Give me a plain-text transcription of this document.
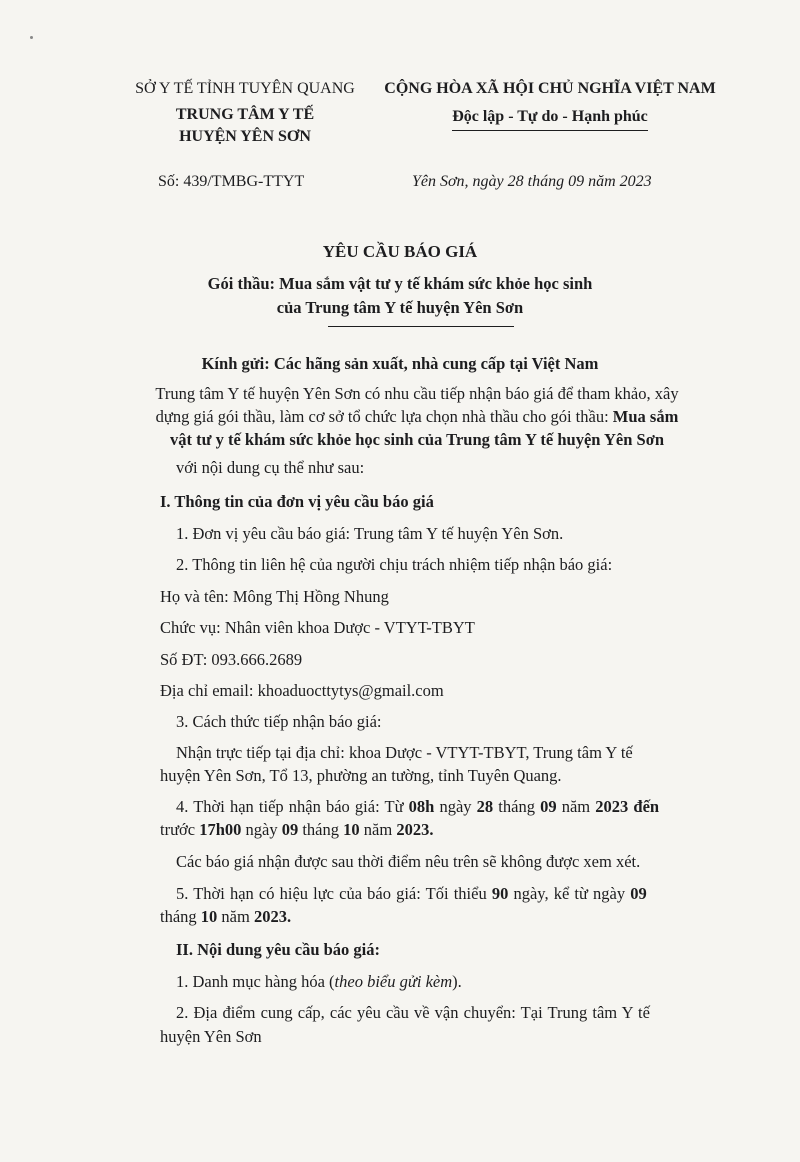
SỞ Y TẾ TỈNH TUYÊN QUANG
TRUNG TÂM Y TẾ
HUYỆN YÊN SƠN
CỘNG HÒA XÃ HỘI CHỦ NGHĨA VIỆT NAM
Độc lập - Tự do - Hạnh phúc
Số: 439/TMBG-TTYT	Yên Sơn, ngày 28 tháng 09 năm 2023
YÊU CẦU BÁO GIÁ
Gói thầu: Mua sắm vật tư y tế khám sức khỏe học sinh
của Trung tâm Y tế huyện Yên Sơn
Kính gửi: Các hãng sản xuất, nhà cung cấp tại Việt Nam
Trung tâm Y tế huyện Yên Sơn có nhu cầu tiếp nhận báo giá để tham khảo, xây
dựng giá gói thầu, làm cơ sở tổ chức lựa chọn nhà thầu cho gói thầu: Mua sắm
vật tư y tế khám sức khỏe học sinh của Trung tâm Y tế huyện Yên Sơn
với nội dung cụ thể như sau:
I. Thông tin của đơn vị yêu cầu báo giá
1. Đơn vị yêu cầu báo giá: Trung tâm Y tế huyện Yên Sơn.
2. Thông tin liên hệ của người chịu trách nhiệm tiếp nhận báo giá:
Họ và tên: Mông Thị Hồng Nhung
Chức vụ: Nhân viên khoa Dược - VTYT-TBYT
Số ĐT: 093.666.2689
Địa chỉ email: khoaduocttytys@gmail.com
3. Cách thức tiếp nhận báo giá:
Nhận trực tiếp tại địa chỉ: khoa Dược - VTYT-TBYT, Trung tâm Y tế
huyện Yên Sơn, Tổ 13, phường an tường, tỉnh Tuyên Quang.
4. Thời hạn tiếp nhận báo giá: Từ 08h ngày 28 tháng 09 năm 2023 đến
trước 17h00 ngày 09 tháng 10 năm 2023.
Các báo giá nhận được sau thời điểm nêu trên sẽ không được xem xét.
5. Thời hạn có hiệu lực của báo giá: Tối thiểu 90 ngày, kể từ ngày 09
tháng 10 năm 2023.
II. Nội dung yêu cầu báo giá:
1. Danh mục hàng hóa (theo biểu gửi kèm).
2. Địa điểm cung cấp, các yêu cầu về vận chuyển: Tại Trung tâm Y tế
huyện Yên Sơn
